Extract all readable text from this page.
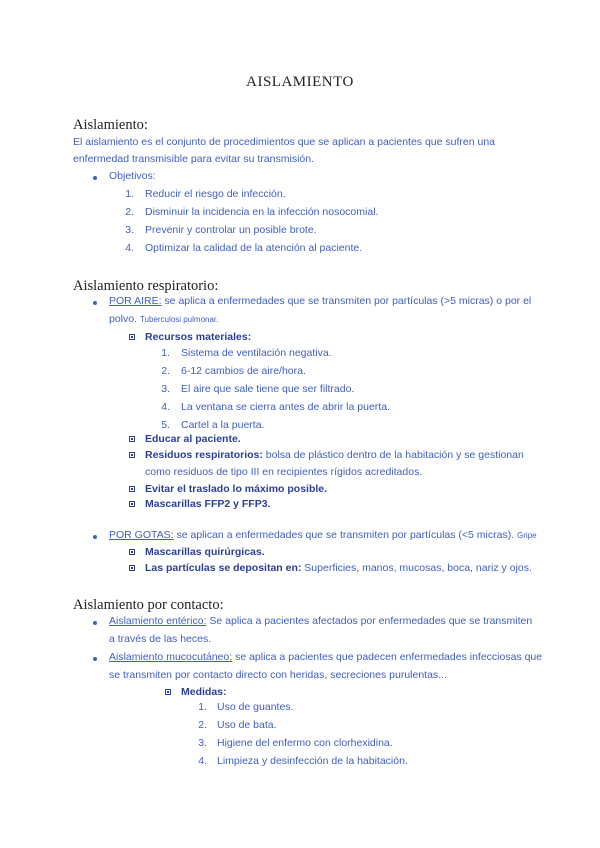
AISLAMIENTO
Aislamiento:
El aislamiento es el conjunto de procedimientos que se aplican a pacientes que sufren una
enfermedad transmisible para evitar su transmisión.
Objetivos:
1. Reducir el riesgo de infección.
2. Disminuir la incidencia en la infección nosocomial.
3. Prevenir y controlar un posible brote.
4. Optimizar la calidad de la atención al paciente.
Aislamiento respiratorio:
POR AIRE: se aplica a enfermedades que se transmiten por partículas (>5 micras) o por el
polvo. Tuberculosi pulmonar.
Recursos materiales:
1. Sistema de ventilación negativa.
2. 6-12 cambios de aire/hora.
3. El aire que sale tiene que ser filtrado.
4. La ventana se cierra antes de abrir la puerta.
5. Cartel a la puerta.
Educar al paciente.
Residuos respiratorios: bolsa de plástico dentro de la habitación y se gestionan
como residuos de tipo III en recipientes rígidos acreditados.
Evitar el traslado lo máximo posible.
Mascarillas FFP2 y FFP3.
POR GOTAS: se aplican a enfermedades que se transmiten por partículas (<5 micras). Gripe
Mascarillas quirúrgicas.
Las partículas se depositan en: Superficies, manos, mucosas, boca, nariz y ojos.
Aislamiento por contacto:
Aislamiento entérico: Se aplica a pacientes afectados por enfermedades que se transmiten
a través de las heces.
Aislamiento mucocutáneo: se aplica a pacientes que padecen enfermedades infecciosas que
se transmiten por contacto directo con heridas, secreciones purulentas...
Medidas:
1. Uso de guantes.
2. Uso de bata.
3. Higiene del enfermo con clorhexidina.
4. Limpieza y desinfección de la habitación.
